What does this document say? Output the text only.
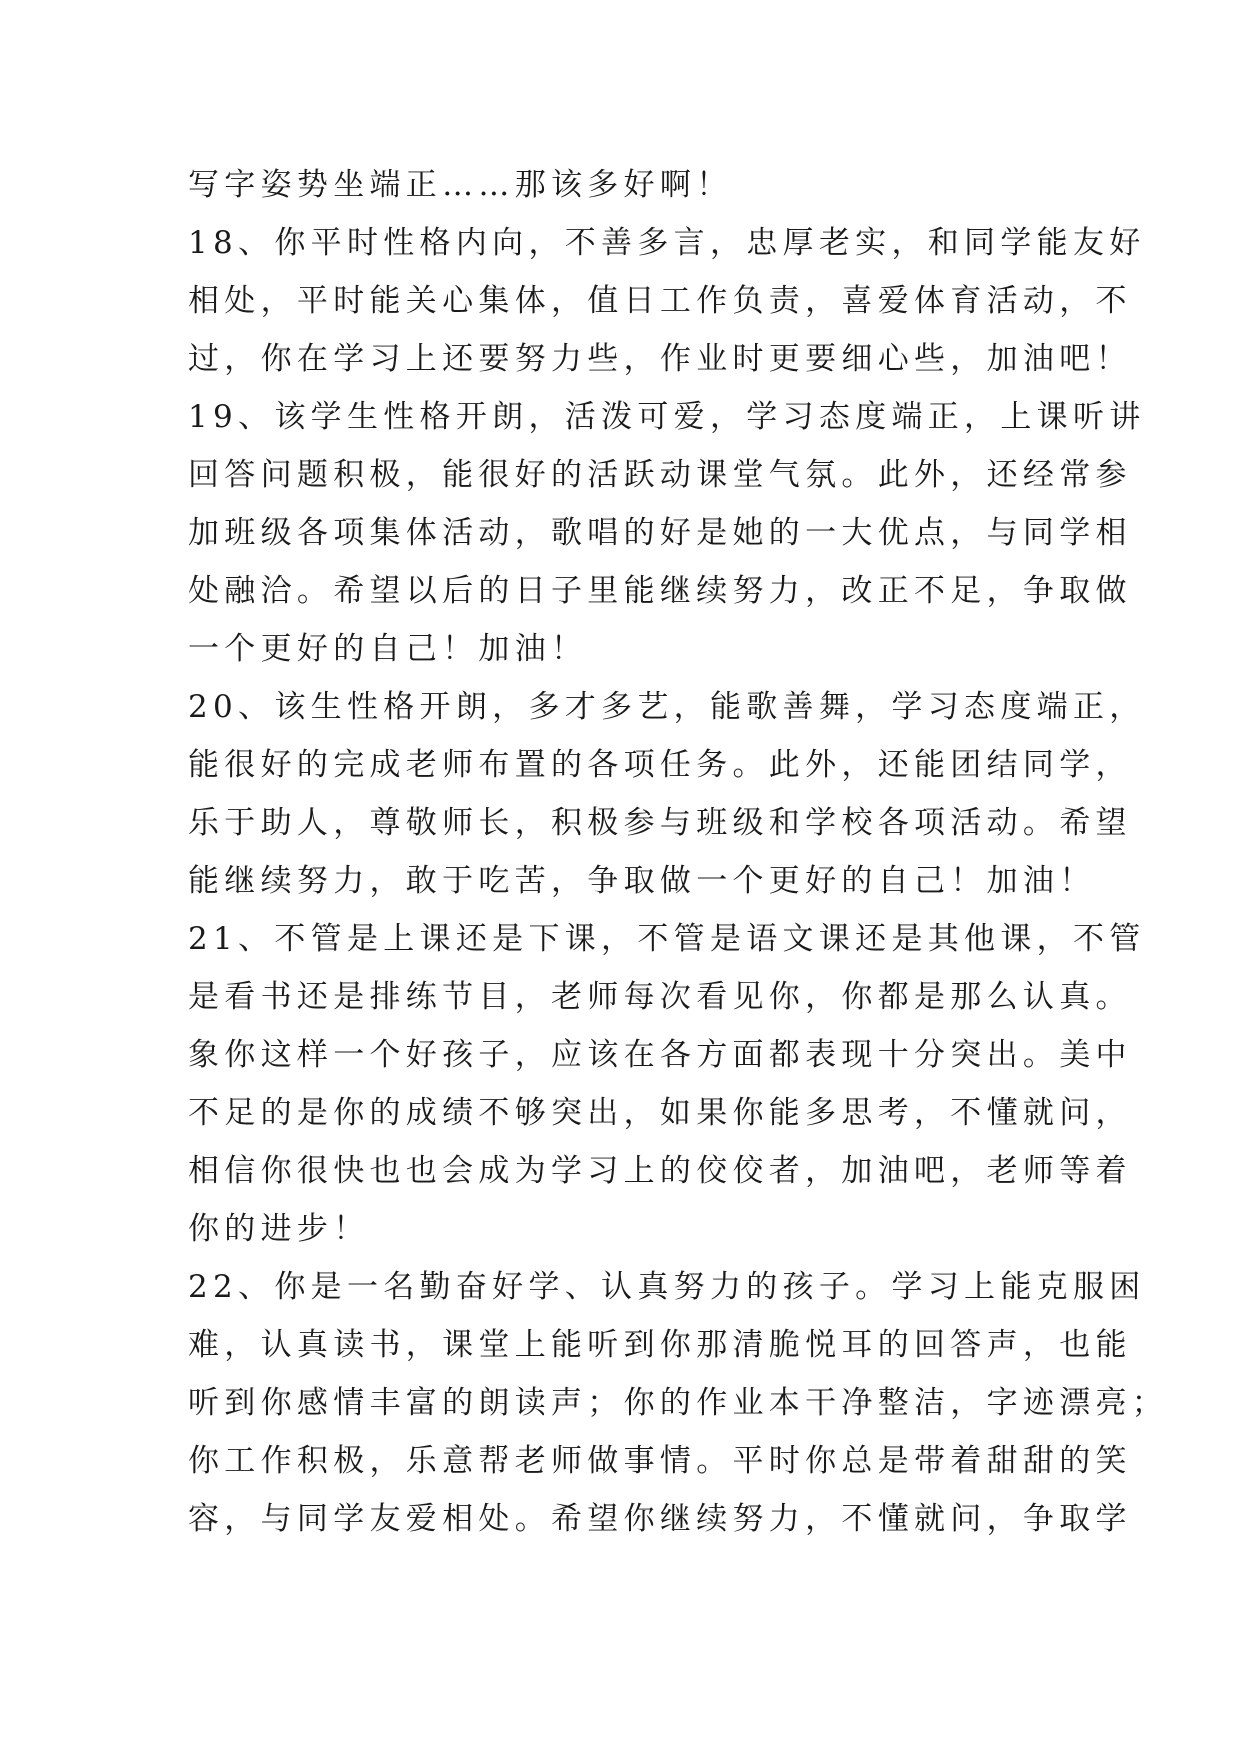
写字姿势坐端正……那该多好啊！
18、你平时性格内向，不善多言，忠厚老实，和同学能友好
相处，平时能关心集体，值日工作负责，喜爱体育活动，不
过，你在学习上还要努力些，作业时更要细心些，加油吧！
19、该学生性格开朗，活泼可爱，学习态度端正，上课听讲
回答问题积极，能很好的活跃动课堂气氛。此外，还经常参
加班级各项集体活动，歌唱的好是她的一大优点，与同学相
处融洽。希望以后的日子里能继续努力，改正不足，争取做
一个更好的自己！加油！
20、该生性格开朗，多才多艺，能歌善舞，学习态度端正，
能很好的完成老师布置的各项任务。此外，还能团结同学，
乐于助人，尊敬师长，积极参与班级和学校各项活动。希望
能继续努力，敢于吃苦，争取做一个更好的自己！加油！
21、不管是上课还是下课，不管是语文课还是其他课，不管
是看书还是排练节目，老师每次看见你，你都是那么认真。
象你这样一个好孩子，应该在各方面都表现十分突出。美中
不足的是你的成绩不够突出，如果你能多思考，不懂就问，
相信你很快也也会成为学习上的佼佼者，加油吧，老师等着
你的进步！
22、你是一名勤奋好学、认真努力的孩子。学习上能克服困
难，认真读书，课堂上能听到你那清脆悦耳的回答声，也能
听到你感情丰富的朗读声；你的作业本干净整洁，字迹漂亮；
你工作积极，乐意帮老师做事情。平时你总是带着甜甜的笑
容，与同学友爱相处。希望你继续努力，不懂就问，争取学
